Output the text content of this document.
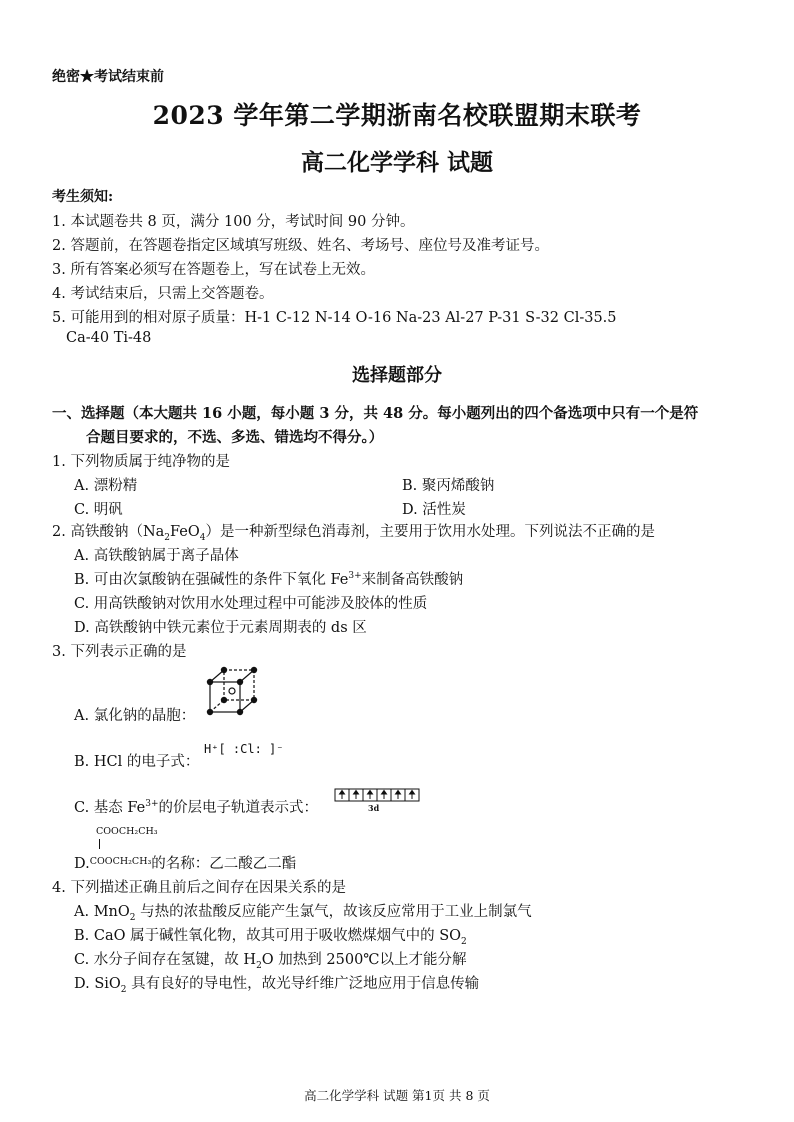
绝密★考试结束前
2023 学年第二学期浙南名校联盟期末联考
高二化学学科 试题
考生须知:
1. 本试题卷共 8 页，满分 100 分，考试时间 90 分钟。
2. 答题前，在答题卷指定区域填写班级、姓名、考场号、座位号及准考证号。
3. 所有答案必须写在答题卷上，写在试卷上无效。
4. 考试结束后，只需上交答题卷。
5. 可能用到的相对原子质量：H-1 C-12 N-14 O-16 Na-23 Al-27 P-31 S-32 Cl-35.5
Ca-40 Ti-48
选择题部分
一、选择题（本大题共 16 小题，每小题 3 分，共 48 分。每小题列出的四个备选项中只有一个是符
合题目要求的，不选、多选、错选均不得分。）
1. 下列物质属于纯净物的是
A. 漂粉精	B. 聚丙烯酸钠
C. 明矾	D. 活性炭
2. 高铁酸钠$(Na_2FeO_4)$是一种新型绿色消毒剂，主要用于饮用水处理。下列说法不正确的是
A. 高铁酸钠属于离子晶体
B. 可由次氯酸钠在强碱性的条件下氧化 $Fe^{3+}$来制备高铁酸钠
C. 用高铁酸钠对饮用水处理过程中可能涉及胶体的性质
D. 高铁酸钠中铁元素位于元素周期表的 ds 区
3. 下列表示正确的是
A. 氯化钠的晶胞：
B. HCl 的电子式：
H⁺[ :Cl: ]⁻
C. 基态 $Fe^{3+}$的价层电子轨道表示式：	3d
COOCH₂CH₃
D.$^{COOCH_2CH_3}$的名称：乙二酸乙二酯
4. 下列描述正确且前后之间存在因果关系的是
A. MnO$_2$ 与热的浓盐酸反应能产生氯气，故该反应常用于工业上制氯气
B. CaO 属于碱性氧化物，故其可用于吸收燃煤烟气中的 $SO_2$
C. 水分子间存在氢键，故 $H_2O$ 加热到 2500℃以上才能分解
D. SiO$_2$ 具有良好的导电性，故光导纤维广泛地应用于信息传输
高二化学学科 试题 第1页 共 8 页
